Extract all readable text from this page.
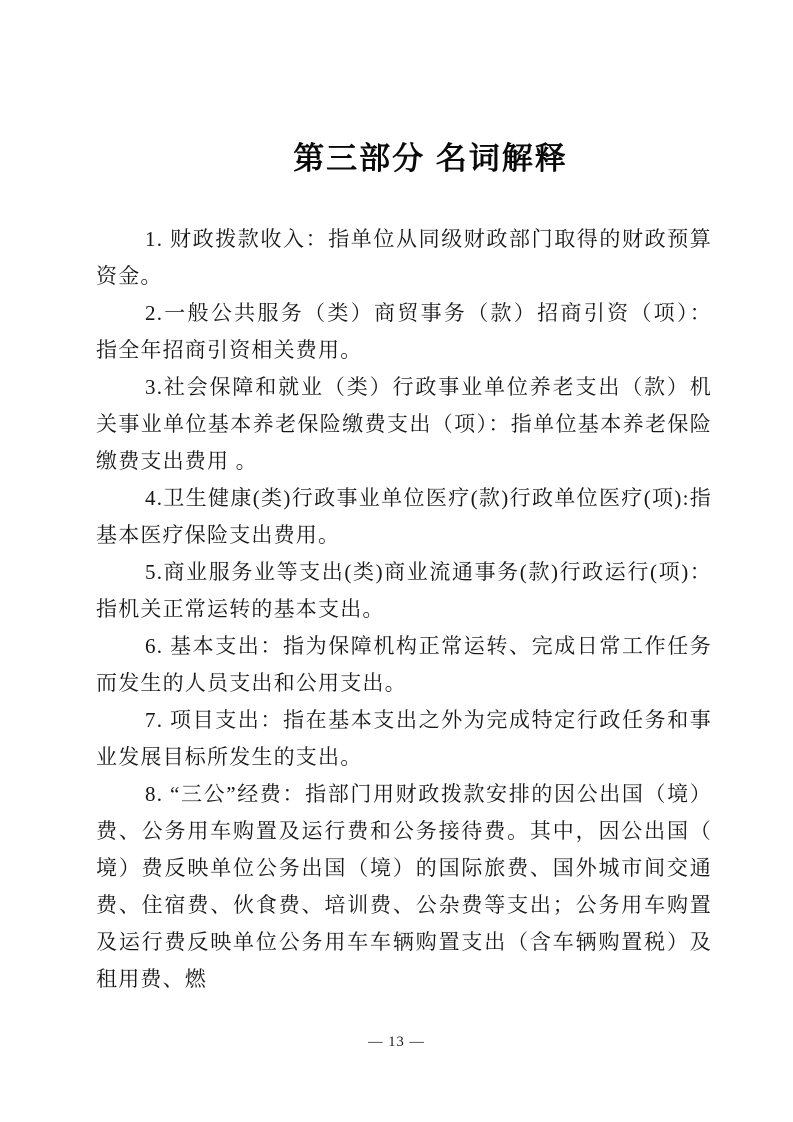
第三部分 名词解释

1. 财政拨款收入：指单位从同级财政部门取得的财政预算资金。

2.一般公共服务（类）商贸事务（款）招商引资（项）： 指全年招商引资相关费用。

3.社会保障和就业（类）行政事业单位养老支出（款）机关事业单位基本养老保险缴费支出（项）：指单位基本养老保险缴费支出费用 。

4.卫生健康(类)行政事业单位医疗(款)行政单位医疗(项):指基本医疗保险支出费用。

5.商业服务业等支出(类)商业流通事务(款)行政运行(项)：指机关正常运转的基本支出。

6. 基本支出：指为保障机构正常运转、完成日常工作任务而发生的人员支出和公用支出。

7. 项目支出：指在基本支出之外为完成特定行政任务和事业发展目标所发生的支出。

8. “三公”经费：指部门用财政拨款安排的因公出国（境）费、公务用车购置及运行费和公务接待费。其中，因公出国（境）费反映单位公务出国（境）的国际旅费、国外城市间交通费、住宿费、伙食费、培训费、公杂费等支出；公务用车购置及运行费反映单位公务用车车辆购置支出（含车辆购置税）及租用费、燃

— 13 —
